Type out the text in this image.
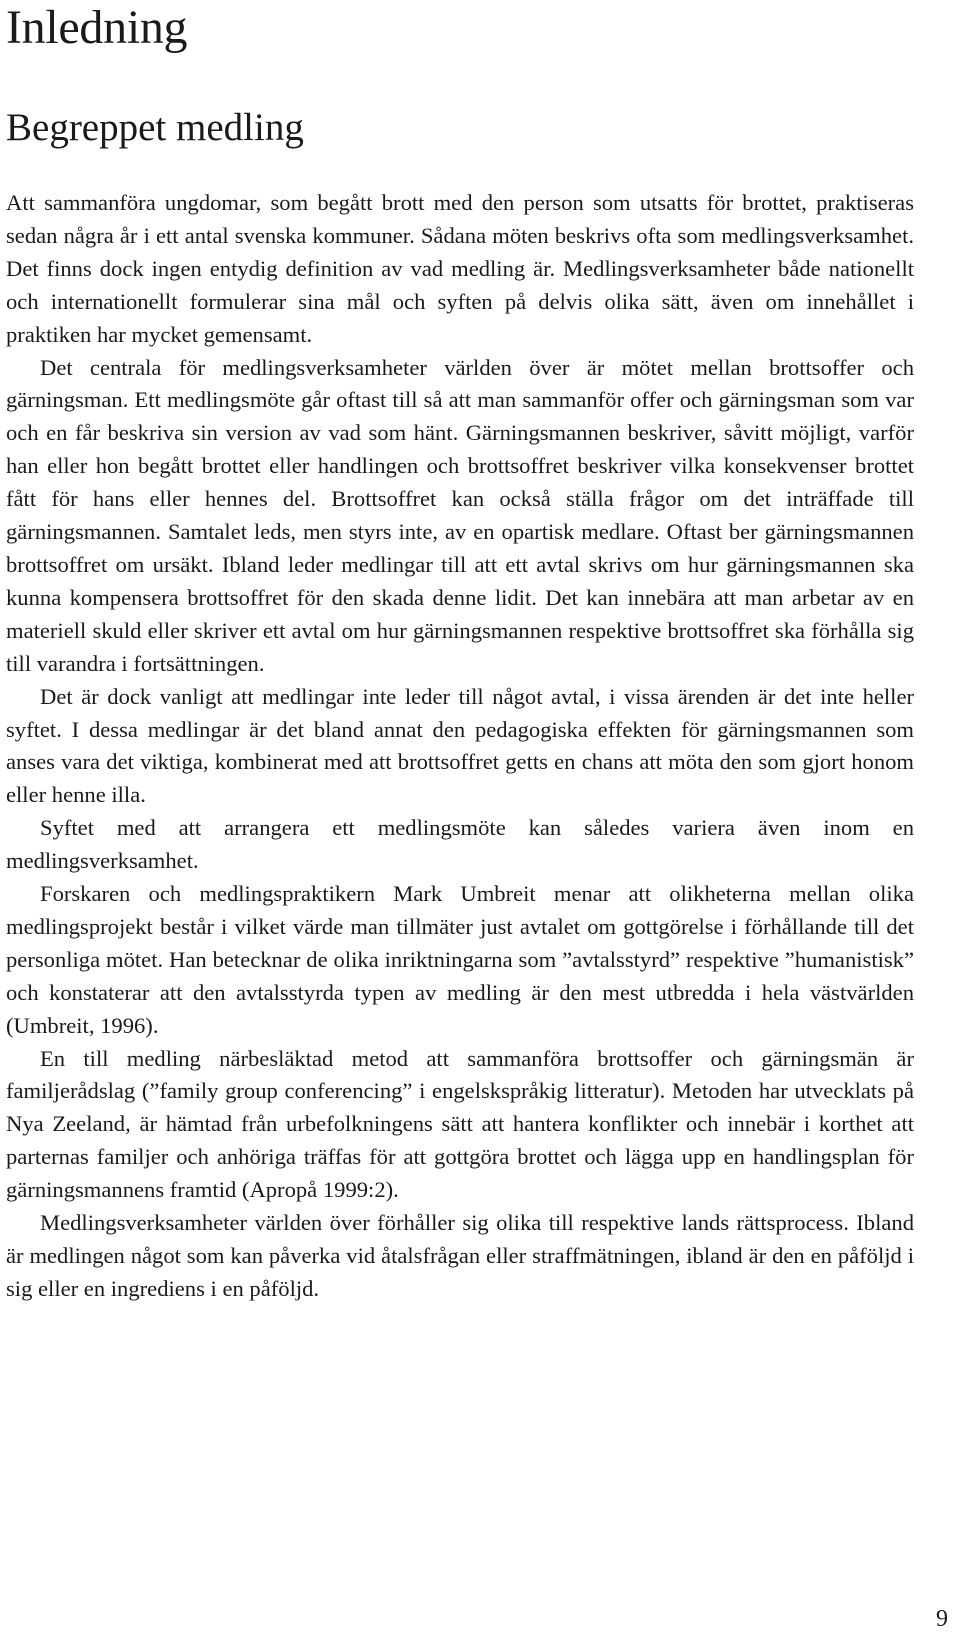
Inledning
Begreppet medling

Att sammanföra ungdomar, som begått brott med den person som utsatts för brottet, praktiseras sedan några år i ett antal svenska kommuner. Sådana möten beskrivs ofta som medlingsverksamhet. Det finns dock ingen entydig definition av vad medling är. Medlingsverksamheter både nationellt och internationellt formulerar sina mål och syften på delvis olika sätt, även om innehållet i praktiken har mycket gemensamt.

Det centrala för medlingsverksamheter världen över är mötet mellan brottsoffer och gärningsman. Ett medlingsmöte går oftast till så att man sammanför offer och gärningsman som var och en får beskriva sin version av vad som hänt. Gärningsmannen beskriver, såvitt möjligt, varför han eller hon begått brottet eller handlingen och brottsoffret beskriver vilka konsekvenser brottet fått för hans eller hennes del. Brottsoffret kan också ställa frågor om det inträffade till gärningsmannen. Samtalet leds, men styrs inte, av en opartisk medlare. Oftast ber gärningsmannen brottsoffret om ursäkt. Ibland leder medlingar till att ett avtal skrivs om hur gärningsmannen ska kunna kompensera brottsoffret för den skada denne lidit. Det kan innebära att man arbetar av en materiell skuld eller skriver ett avtal om hur gärningsmannen respektive brottsoffret ska förhålla sig till varandra i fortsättningen.

Det är dock vanligt att medlingar inte leder till något avtal, i vissa ärenden är det inte heller syftet. I dessa medlingar är det bland annat den pedagogiska effekten för gärningsmannen som anses vara det viktiga, kombinerat med att brottsoffret getts en chans att möta den som gjort honom eller henne illa.

Syftet med att arrangera ett medlingsmöte kan således variera även inom en medlingsverksamhet.

Forskaren och medlingspraktikern Mark Umbreit menar att olikheterna mellan olika medlingsprojekt består i vilket värde man tillmäter just avtalet om gottgörelse i förhållande till det personliga mötet. Han betecknar de olika inriktningarna som ”avtalsstyrd” respektive ”humanistisk” och konstaterar att den avtalsstyrda typen av medling är den mest utbredda i hela västvärlden (Umbreit, 1996).

En till medling närbesläktad metod att sammanföra brottsoffer och gärningsmän är familjerådslag (”family group conferencing” i engelskspråkig litteratur). Metoden har utvecklats på Nya Zeeland, är hämtad från urbefolkningens sätt att hantera konflikter och innebär i korthet att parternas familjer och anhöriga träffas för att gottgöra brottet och lägga upp en handlingsplan för gärningsmannens framtid (Apropå 1999:2).

Medlingsverksamheter världen över förhåller sig olika till respektive lands rättsprocess. Ibland är medlingen något som kan påverka vid åtalsfrågan eller straffmätningen, ibland är den en påföljd i sig eller en ingrediens i en påföljd.

9
